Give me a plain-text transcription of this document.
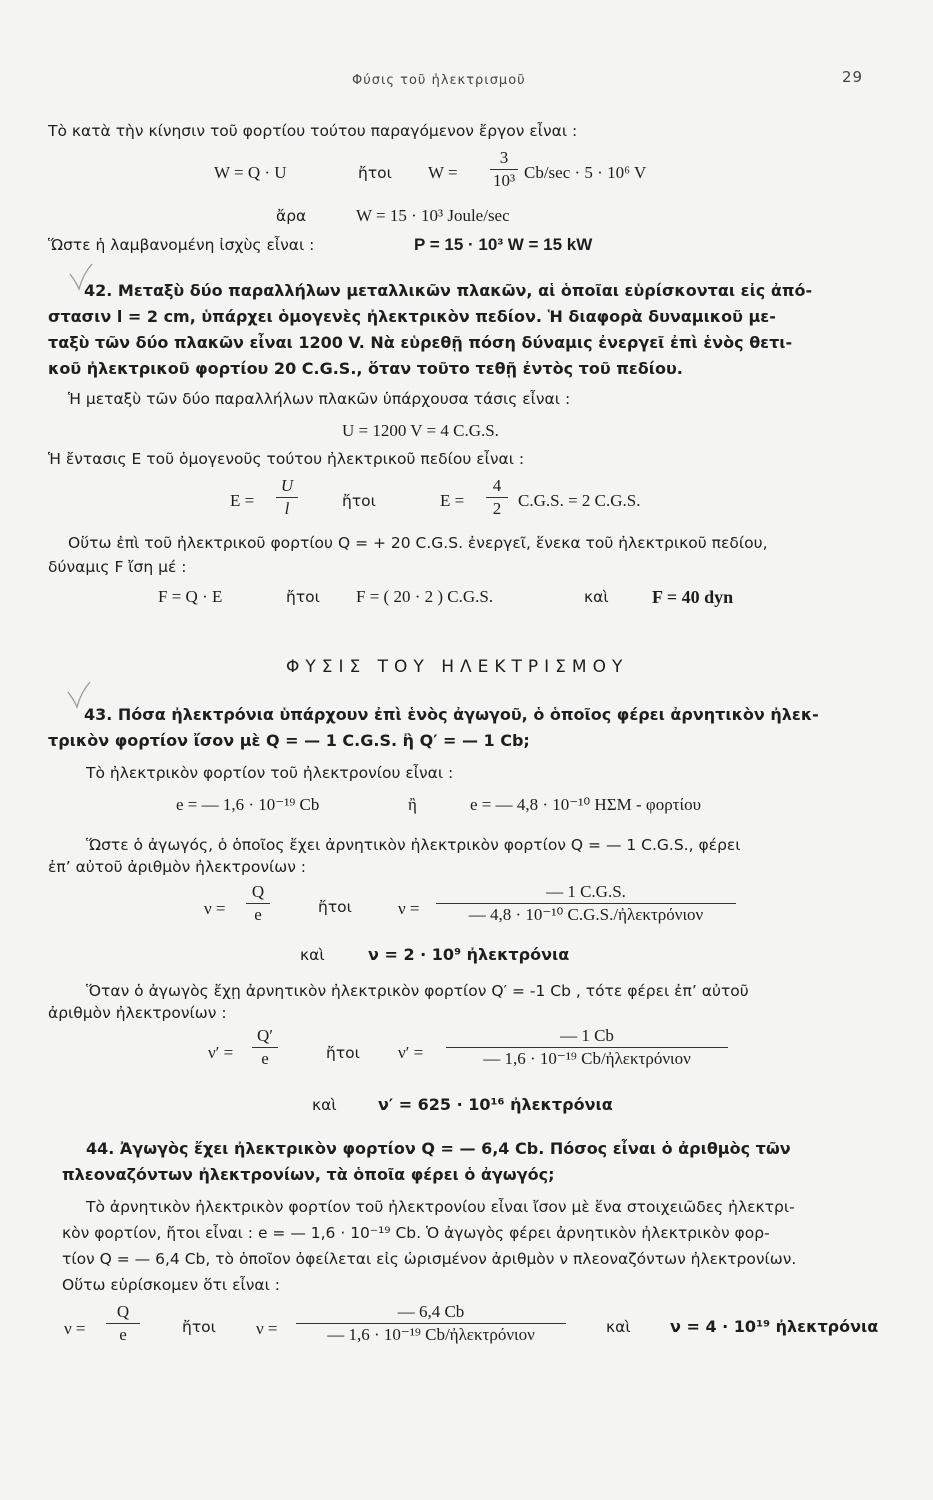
Φύσις τοῦ ἠλεκτρισμοῦ	29
Τὸ κατὰ τὴν κίνησιν τοῦ φορτίου τούτου παραγόμενον ἔργον εἶναι :
W = Q · U	ἤτοι W =
3
10³ Cb/sec · 5 · 10⁶ V
ἄρα	W = 15 · 10³ Joule/sec
Ὥστε ἡ λαμβανομένη ἰσχὺς εἶναι :	P = 15 · 10³ W = 15 kW
42. Μεταξὺ δύο παραλλήλων μεταλλικῶν πλακῶν, αἱ ὁποῖαι εὑρίσκονται εἰς ἀπό-
στασιν l = 2 cm, ὑπάρχει ὁμογενὲς ἠλεκτρικὸν πεδίον. Ἡ διαφορὰ δυναμικοῦ με-
ταξὺ τῶν δύο πλακῶν εἶναι 1200 V. Νὰ εὑρεθῇ πόση δύναμις ἐνεργεῖ ἐπὶ ἑνὸς θετι-
κοῦ ἠλεκτρικοῦ φορτίου 20 C.G.S., ὅταν τοῦτο τεθῇ ἐντὸς τοῦ πεδίου.
Ἡ μεταξὺ τῶν δύο παραλλήλων πλακῶν ὑπάρχουσα τάσις εἶναι :
U = 1200 V = 4 C.G.S.
Ἡ ἔντασις E τοῦ ὁμογενοῦς τούτου ἠλεκτρικοῦ πεδίου εἶναι :
E =
U
l	ἤτοι	E =
4
2 C.G.S. = 2 C.G.S.
Οὕτω ἐπὶ τοῦ ἠλεκτρικοῦ φορτίου Q = + 20 C.G.S. ἐνεργεῖ, ἕνεκα τοῦ ἠλεκτρικοῦ πεδίου,
δύναμις F ἴση μέ :
F = Q · E	ἤτοι F = ( 20 · 2 ) C.G.S.	καὶ F = 40 dyn
ΦΥΣΙΣ ΤΟΥ ΗΛΕΚΤΡΙΣΜΟΥ
43. Πόσα ἠλεκτρόνια ὑπάρχουν ἐπὶ ἑνὸς ἀγωγοῦ, ὁ ὁποῖος φέρει ἀρνητικὸν ἠλεκ-
τρικὸν φορτίον ἴσον μὲ Q = — 1 C.G.S. ἢ Q′ = — 1 Cb;
Τὸ ἠλεκτρικὸν φορτίον τοῦ ἠλεκτρονίου εἶναι :
e = — 1,6 · 10⁻¹⁹ Cb	ἢ	e = — 4,8 · 10⁻¹⁰ ΗΣΜ - φορτίου
Ὥστε ὁ ἀγωγός, ὁ ὁποῖος ἔχει ἀρνητικὸν ἠλεκτρικὸν φορτίον Q = — 1 C.G.S., φέρει
ἐπ’ αὐτοῦ ἀριθμὸν ἠλεκτρονίων :
ν =
Q
e	ἤτοι	ν =
— 1 C.G.S.
— 4,8 · 10⁻¹⁰ C.G.S./ἠλεκτρόνιον
καὶ	ν = 2 · 10⁹ ἠλεκτρόνια
Ὅταν ὁ ἀγωγὸς ἔχῃ ἀρνητικὸν ἠλεκτρικὸν φορτίον Q′ = -1 Cb , τότε φέρει ἐπ’ αὐτοῦ
ἀριθμὸν ἠλεκτρονίων :
ν′ =
Q′
e	ἤτοι ν′ =
— 1 Cb
— 1,6 · 10⁻¹⁹ Cb/ἠλεκτρόνιον
καὶ	ν′ = 625 · 10¹⁶ ἠλεκτρόνια
44. Ἀγωγὸς ἔχει ἠλεκτρικὸν φορτίον Q = — 6,4 Cb. Πόσος εἶναι ὁ ἀριθμὸς τῶν
πλεοναζόντων ἠλεκτρονίων, τὰ ὁποῖα φέρει ὁ ἀγωγός;
Τὸ ἀρνητικὸν ἠλεκτρικὸν φορτίον τοῦ ἠλεκτρονίου εἶναι ἴσον μὲ ἕνα στοιχειῶδες ἠλεκτρι-
κὸν φορτίον, ἤτοι εἶναι : e = — 1,6 · 10⁻¹⁹ Cb. Ὁ ἀγωγὸς φέρει ἀρνητικὸν ἠλεκτρικὸν φορ-
τίον Q = — 6,4 Cb, τὸ ὁποῖον ὀφείλεται εἰς ὡρισμένον ἀριθμὸν ν πλεοναζόντων ἠλεκτρονίων.
Οὕτω εὑρίσκομεν ὅτι εἶναι :
ν =
Q
e	ἤτοι ν =
— 6,4 Cb
— 1,6 · 10⁻¹⁹ Cb/ἠλεκτρόνιον	καὶ ν = 4 · 10¹⁹ ἠλεκτρόνια
